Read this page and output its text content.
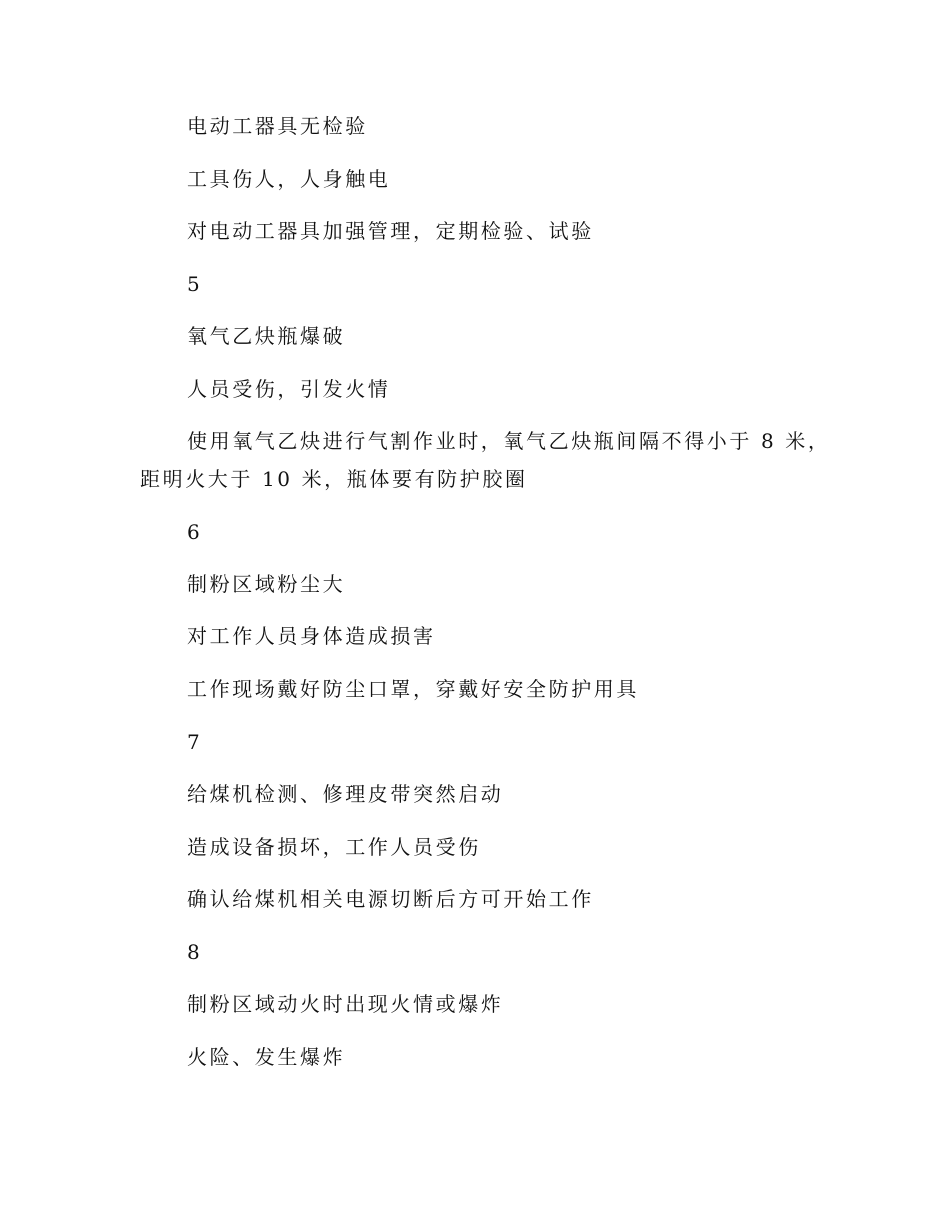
电动工器具无检验
工具伤人，人身触电
对电动工器具加强管理，定期检验、试验
5
氧气乙炔瓶爆破
人员受伤，引发火情
使用氧气乙炔进行气割作业时，氧气乙炔瓶间隔不得小于 8 米，
距明火大于 10 米，瓶体要有防护胶圈
6
制粉区域粉尘大
对工作人员身体造成损害
工作现场戴好防尘口罩，穿戴好安全防护用具
7
给煤机检测、修理皮带突然启动
造成设备损坏，工作人员受伤
确认给煤机相关电源切断后方可开始工作
8
制粉区域动火时出现火情或爆炸
火险、发生爆炸
